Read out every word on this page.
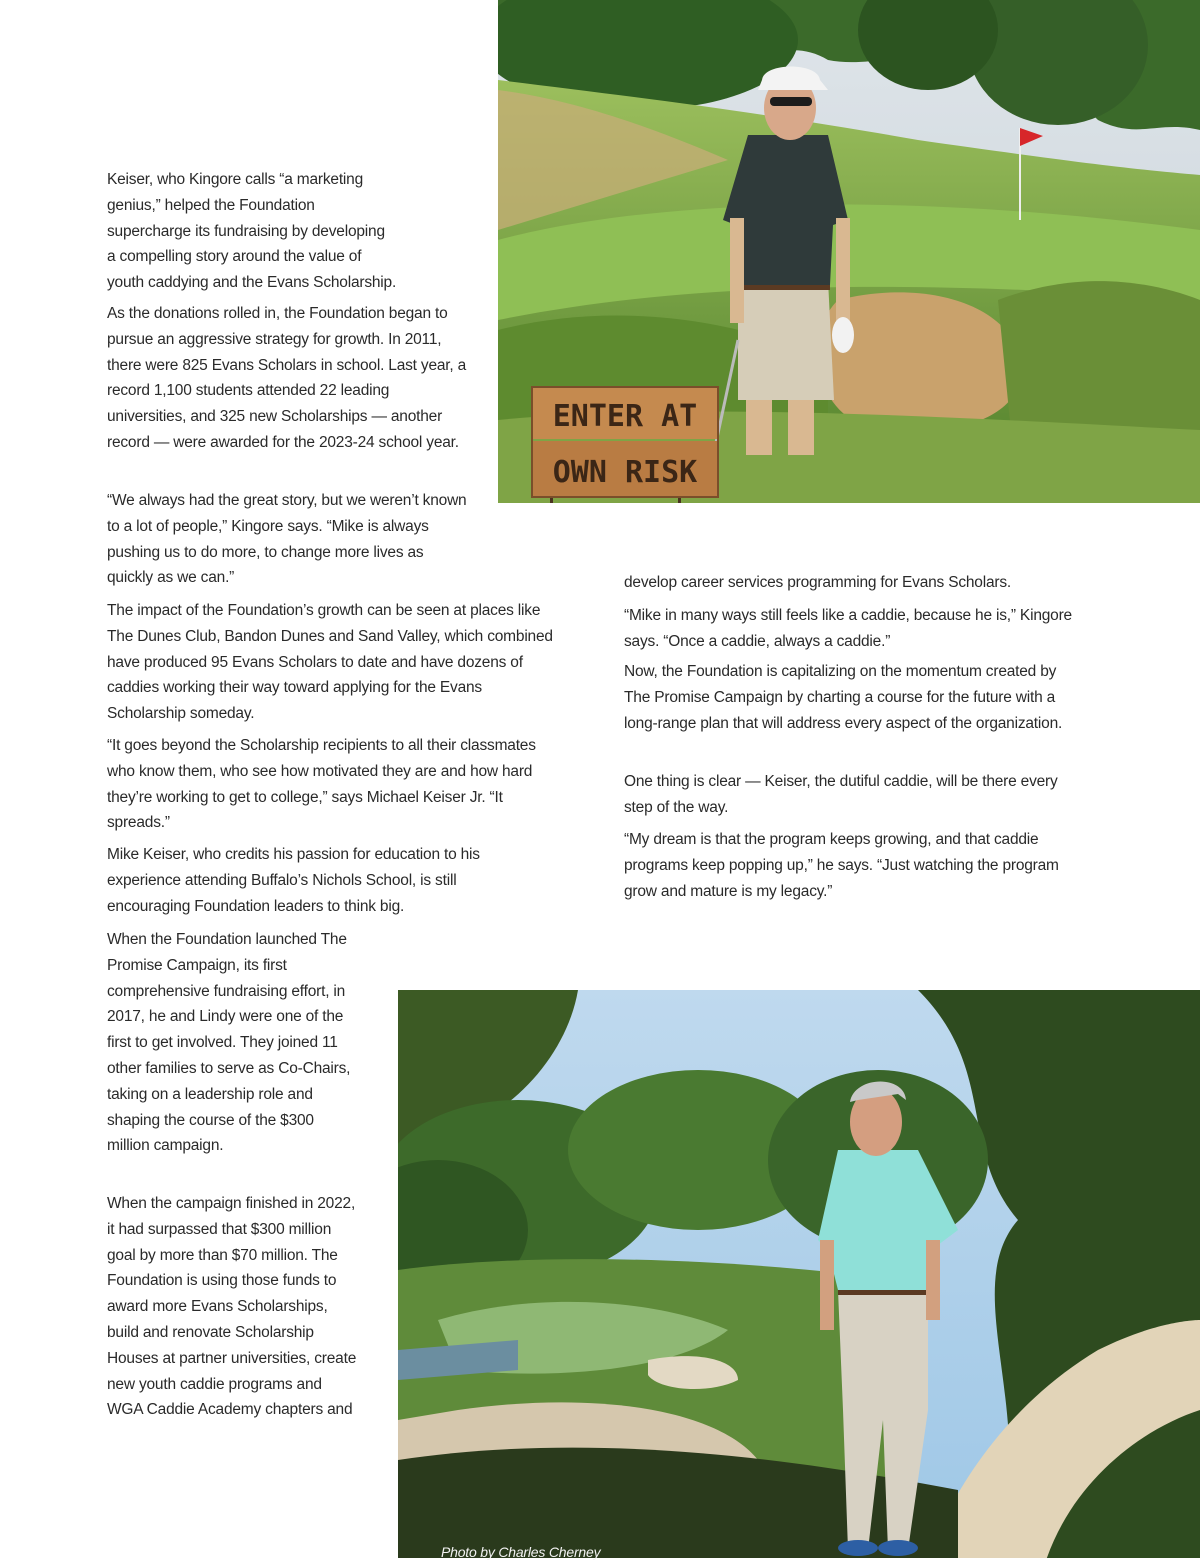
Keiser, who Kingore calls “a marketing genius,” helped the Foundation supercharge its fundraising by developing a compelling story around the value of youth caddying and the Evans Scholarship.

As the donations rolled in, the Foundation began to pursue an aggressive strategy for growth. In 2011, there were 825 Evans Scholars in school. Last year, a record 1,100 students attended 22 leading universities, and 325 new Scholarships — another record — were awarded for the 2023-24 school year.

“We always had the great story, but we weren’t known to a lot of people,” Kingore says. “Mike is always pushing us to do more, to change more lives as quickly as we can.”

The impact of the Foundation’s growth can be seen at places like The Dunes Club, Bandon Dunes and Sand Valley, which combined have produced 95 Evans Scholars to date and have dozens of caddies working their way toward applying for the Evans Scholarship someday.

“It goes beyond the Scholarship recipients to all their classmates who know them, who see how motivated they are and how hard they’re working to get to college,” says Michael Keiser Jr. “It spreads.”

Mike Keiser, who credits his passion for education to his experience attending Buffalo’s Nichols School, is still encouraging Foundation leaders to think big.

When the Foundation launched The Promise Campaign, its first comprehensive fundraising effort, in 2017, he and Lindy were one of the first to get involved. They joined 11 other families to serve as Co-Chairs, taking on a leadership role and shaping the course of the $300 million campaign.

When the campaign finished in 2022, it had surpassed that $300 million goal by more than $70 million. The Foundation is using those funds to award more Evans Scholarships, build and renovate Scholarship Houses at partner universities, create new youth caddie programs and WGA Caddie Academy chapters and

develop career services programming for Evans Scholars.

“Mike in many ways still feels like a caddie, because he is,” Kingore says. “Once a caddie, always a caddie.”

Now, the Foundation is capitalizing on the momentum created by The Promise Campaign by charting a course for the future with a long-range plan that will address every aspect of the organization.

One thing is clear — Keiser, the dutiful caddie, will be there every step of the way.

“My dream is that the program keeps growing, and that caddie programs keep popping up,” he says. “Just watching the program grow and mature is my legacy.”

ENTER AT
OWN RISK
Photo by Charles Cherney
